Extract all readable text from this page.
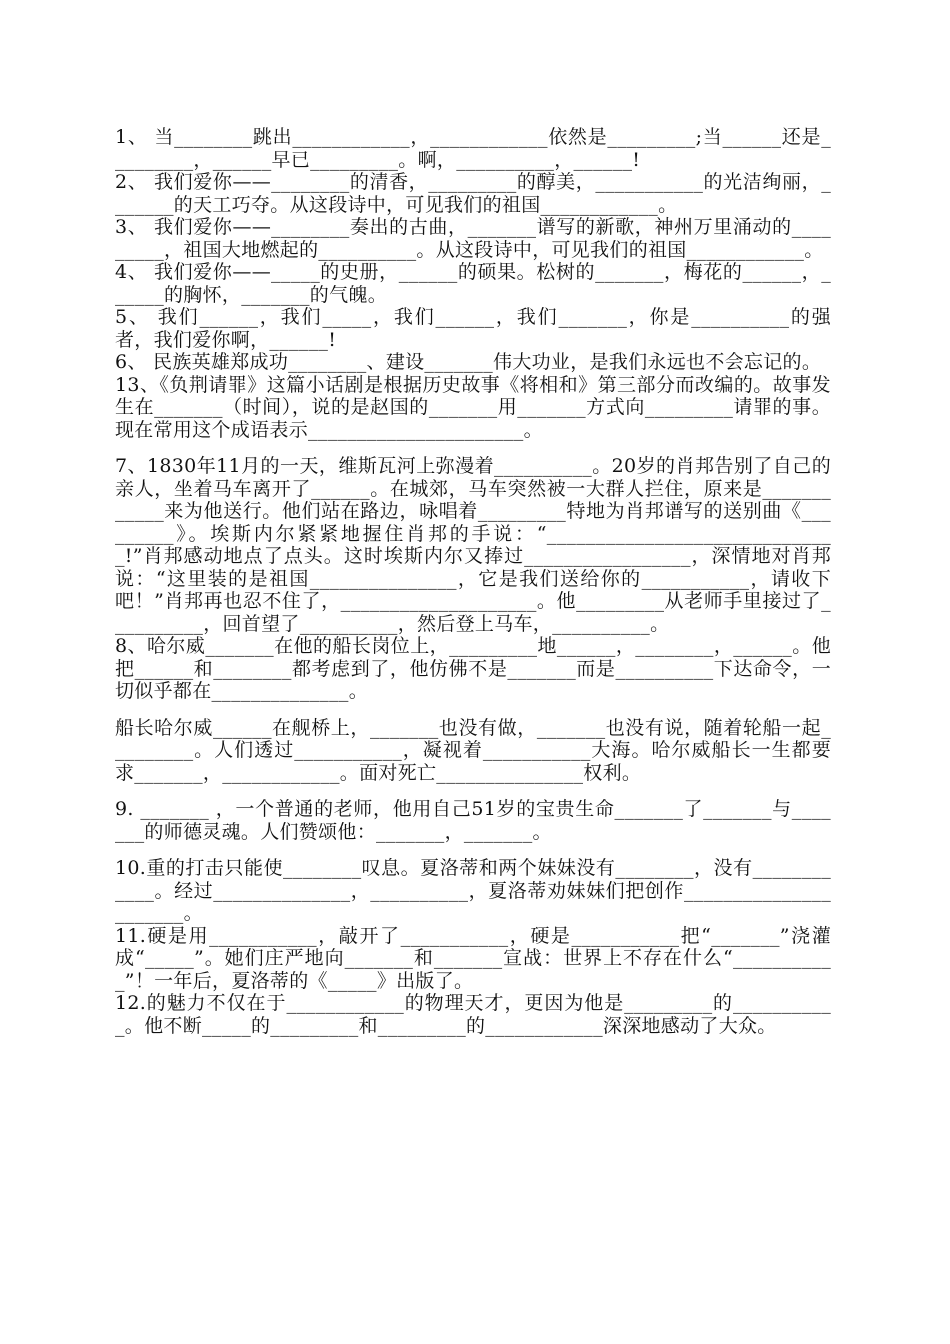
1、 当________跳出____________，____________依然是_________;当______还是_________，______早已_________。啊，__________，______!

2、 我们爱你——________的清香，_________的醇美，___________的光洁绚丽，_______的天工巧夺。从这段诗中，可见我们的祖国____________。

3、 我们爱你——________奏出的古曲，_______谱写的新歌，神州万里涌动的_________，祖国大地燃起的__________。从这段诗中，可见我们的祖国____________。

4、 我们爱你——_____的史册，______的硕果。松树的_______，梅花的______，______的胸怀，_______的气魄。

5、 我们______，我们_____，我们______，我们_______，你是__________的强者，我们爱你啊，______!

6、 民族英雄郑成功________、建设_______伟大功业，是我们永远也不会忘记的。

13、《负荆请罪》这篇小话剧是根据历史故事《将相和》第三部分而改编的。故事发生在_______（时间），说的是赵国的_______用_______方式向_________请罪的事。现在常用这个成语表示______________________。

7、1830年11月的一天，维斯瓦河上弥漫着__________。20岁的肖邦告别了自己的亲人，坐着马车离开了______。在城郊，马车突然被一大群人拦住，原来是____________来为他送行。他们站在路边，咏唱着_________特地为肖邦谱写的送别曲《_________》。埃斯内尔紧紧地握住肖邦的手说：“______________________________!”肖邦感动地点了点头。这时埃斯内尔又捧过_________________，深情地对肖邦说：“这里装的是祖国_______________，它是我们送给你的___________，请收下吧！”肖邦再也忍不住了，____________________。他_________从老师手里接过了__________，回首望了__________，然后登上马车，__________。

8、哈尔威_______在他的船长岗位上，_________地______，________，______。他把______和________都考虑到了，他仿佛不是_______而是__________下达命令，一切似乎都在______________。

船长哈尔威______在舰桥上，_______也没有做，_______也没有说，随着轮船一起_________。人们透过___________，凝视着___________大海。哈尔威船长一生都要求_______，____________。面对死亡_______________权利。

9. _______ ，一个普通的老师，他用自己51岁的宝贵生命_______了_______与_______的师德灵魂。人们赞颂他：_______，_______。

10.重的打击只能使________叹息。夏洛蒂和两个妹妹没有________，没有____________。经过______________，__________，夏洛蒂劝妹妹们把创作______________________。

11.硬是用___________，敲开了___________，硬是___________把“_______”浇灌成“_____”。她们庄严地向_______和_______宣战：世界上不存在什么“___________”！一年后，夏洛蒂的《_____》出版了。

12.的魅力不仅在于____________的物理天才，更因为他是_________的___________。他不断_____的_________和_________的____________深深地感动了大众。
